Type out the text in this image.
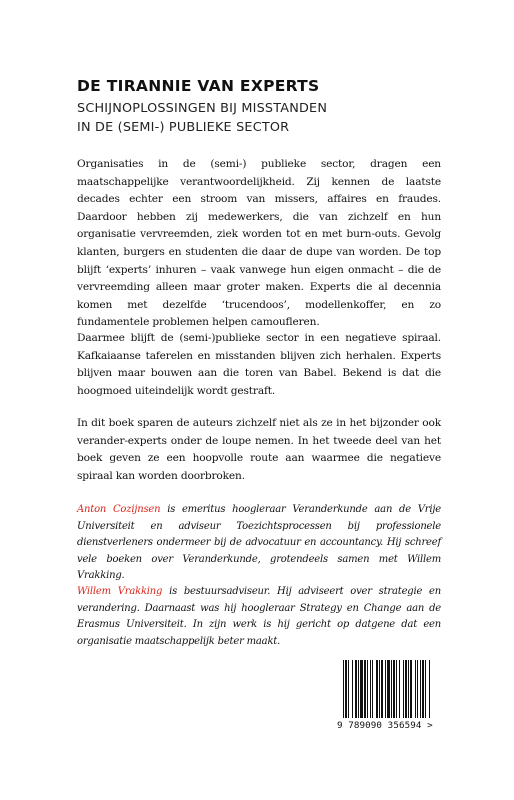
DE TIRANNIE VAN EXPERTS
SCHIJNOPLOSSINGEN BIJ MISSTANDEN
IN DE (SEMI-) PUBLIEKE SECTOR

Organisaties in de (semi-) publieke sector, dragen een maatschappelijke verantwoordelijkheid. Zij kennen de laatste decades echter een stroom van missers, affaires en fraudes. Daardoor hebben zij medewerkers, die van zichzelf en hun organisatie vervreemden, ziek worden tot en met burn-outs. Gevolg klanten, burgers en studenten die daar de dupe van worden. De top blijft ‘experts’ inhuren – vaak vanwege hun eigen onmacht – die de vervreemding alleen maar groter maken. Experts die al decennia komen met dezelfde ‘trucendoos’, modellenkoffer, en zo fundamentele problemen helpen camoufleren.

Daarmee blijft de (semi-)publieke sector in een negatieve spiraal. Kafkaiaanse taferelen en misstanden blijven zich herhalen. Experts blijven maar bouwen aan die toren van Babel. Bekend is dat die hoogmoed uiteindelijk wordt gestraft.

In dit boek sparen de auteurs zichzelf niet als ze in het bijzonder ook verander-experts onder de loupe nemen. In het tweede deel van het boek geven ze een hoopvolle route aan waarmee die negatieve spiraal kan worden doorbroken.

Anton Cozijnsen is emeritus hoogleraar Veranderkunde aan de Vrije Universiteit en adviseur Toezichtsprocessen bij professionele dienstverleners ondermeer bij de advocatuur en accountancy. Hij schreef vele boeken over Veranderkunde, grotendeels samen met Willem Vrakking.

Willem Vrakking is bestuursadviseur. Hij adviseert over strategie en verandering. Daarnaast was hij hoogleraar Strategy en Change aan de Erasmus Universiteit. In zijn werk is hij gericht op datgene dat een organisatie maatschappelijk beter maakt.

9 789090 356594 >
